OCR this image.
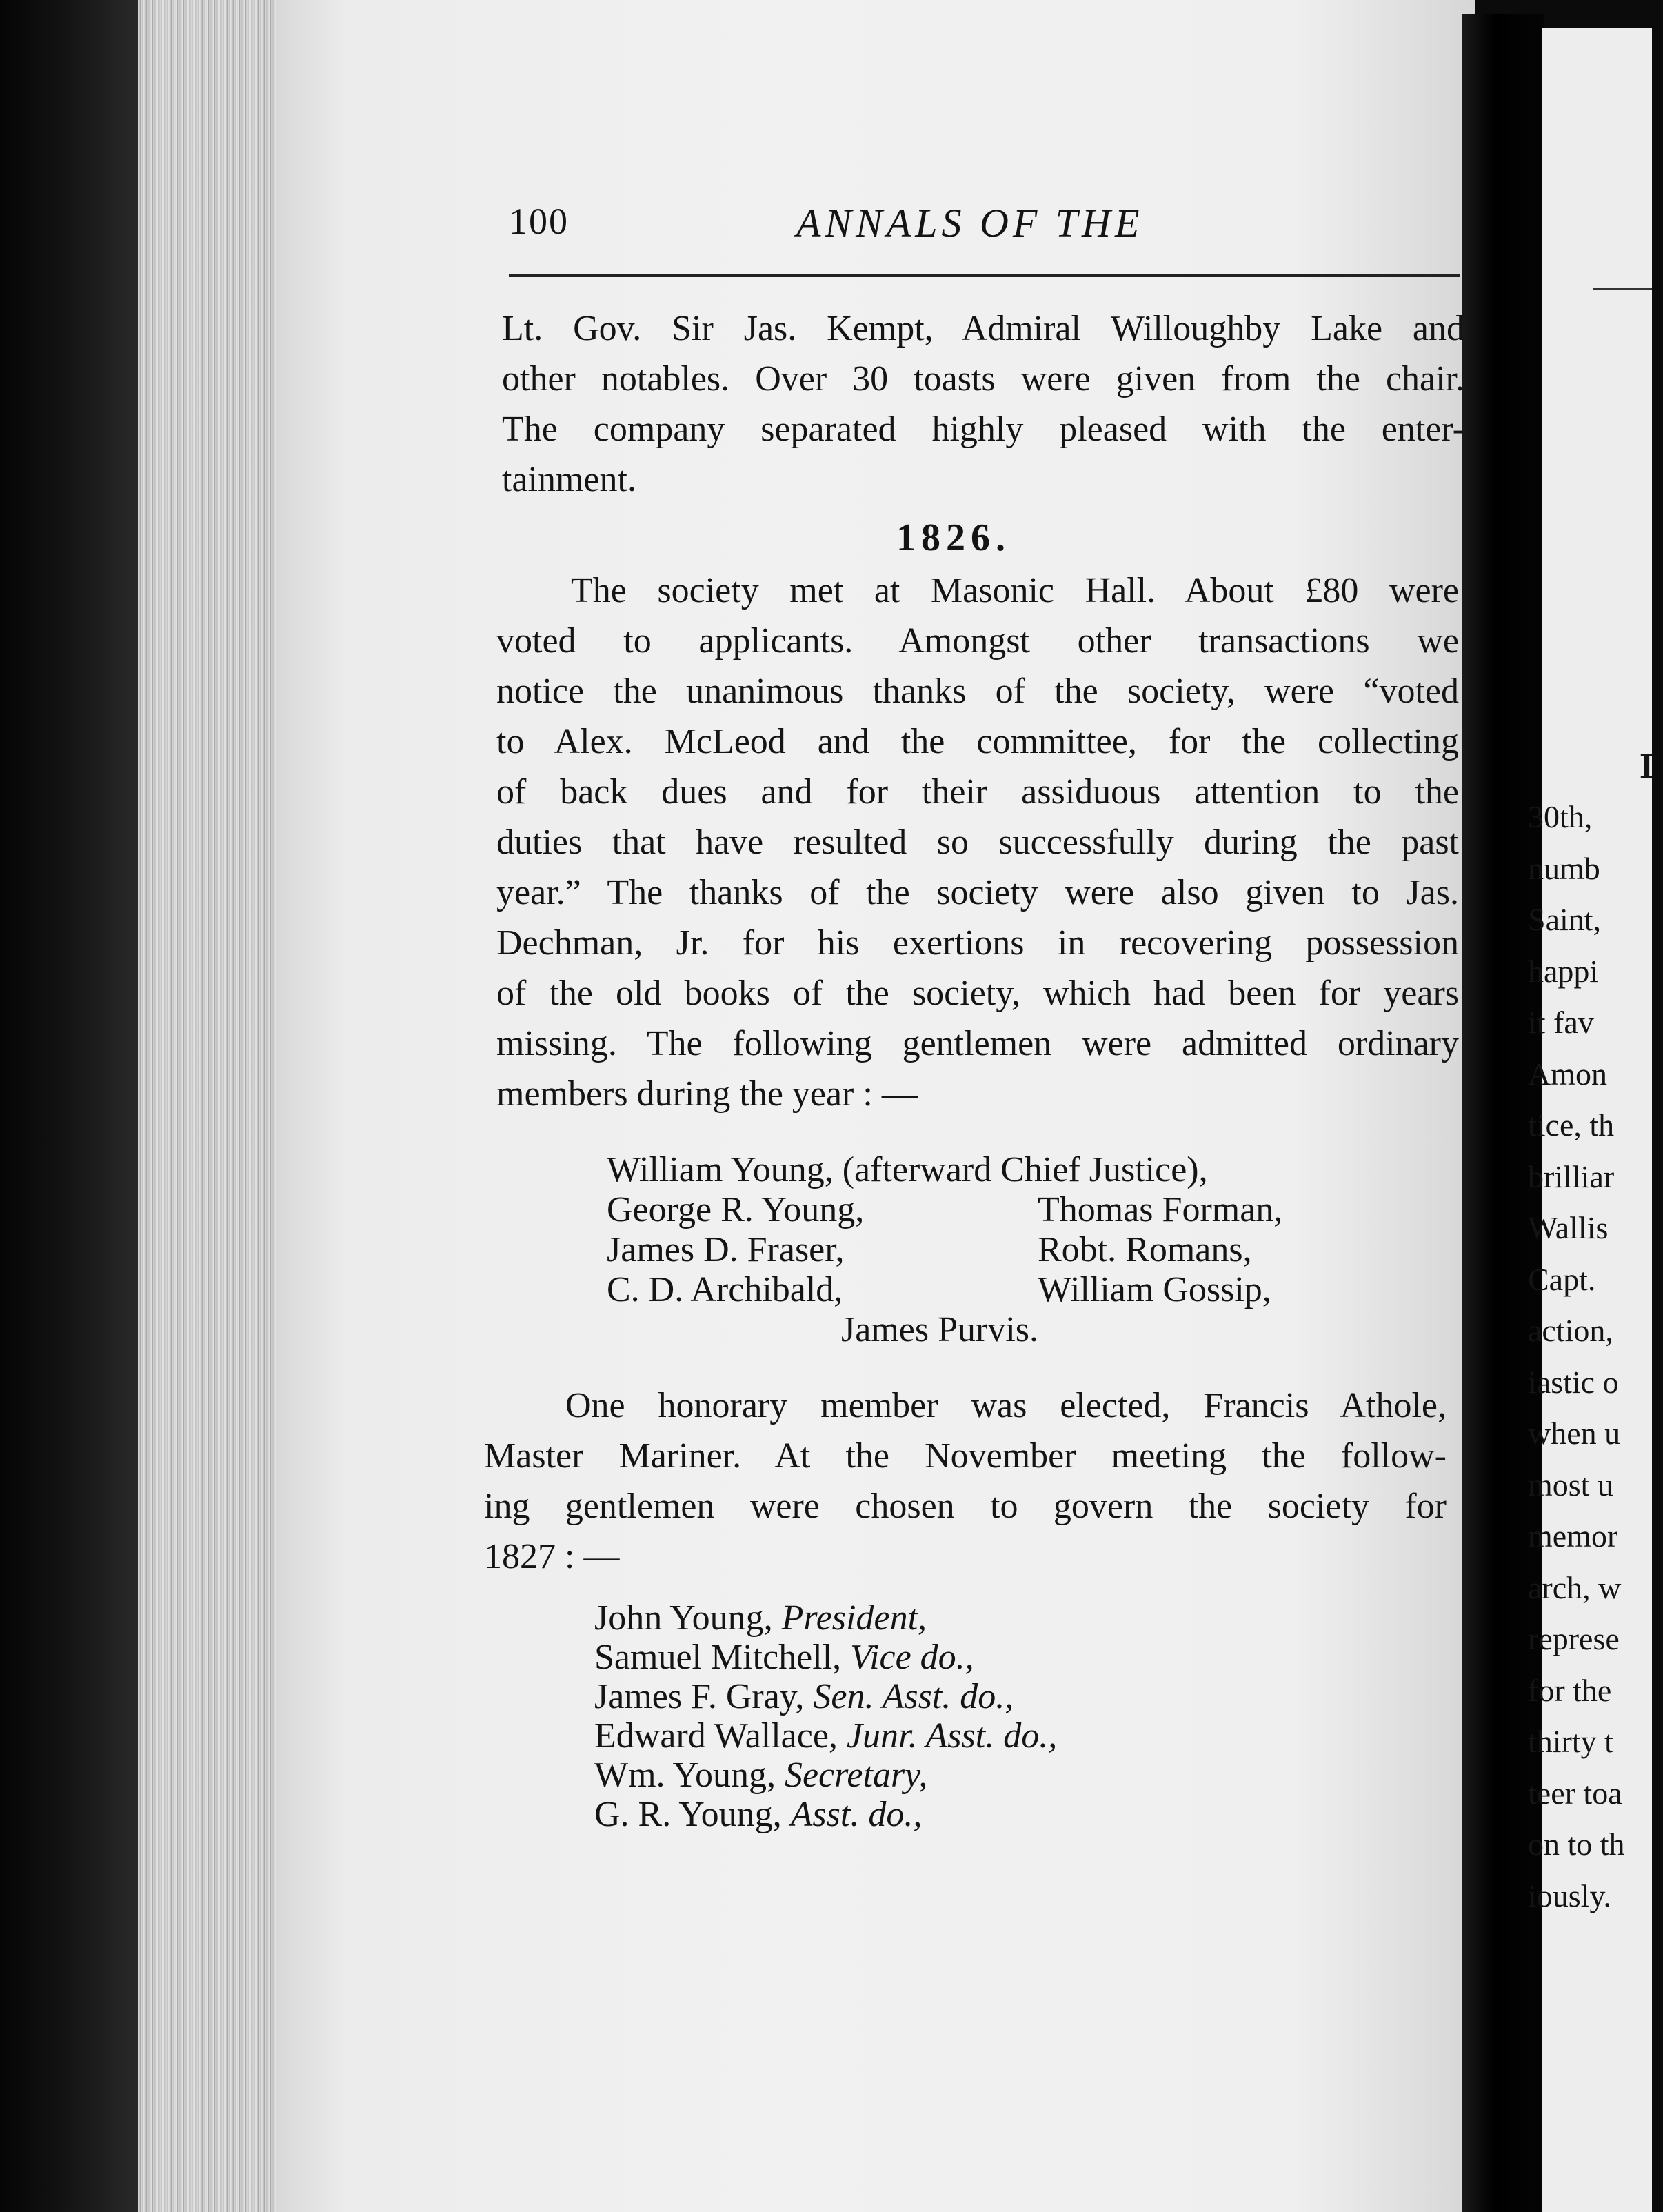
100	ANNALS OF THE
Lt. Gov. Sir Jas. Kempt, Admiral Willoughby Lake and
other notables. Over 30 toasts were given from the chair.
The company separated highly pleased with the enter-
tainment.
1826.
The society met at Masonic Hall. About £80 were
voted to applicants. Amongst other transactions we
notice the unanimous thanks of the society, were “voted
to Alex. McLeod and the committee, for the collecting
of back dues and for their assiduous attention to the
duties that have resulted so successfully during the past
year.” The thanks of the society were also given to Jas.
Dechman, Jr. for his exertions in recovering possession
of the old books of the society, which had been for years
missing. The following gentlemen were admitted ordinary
members during the year : —
William Young, (afterward Chief Justice),
George R. Young,	Thomas Forman,
James D. Fraser,	Robt. Romans,
C. D. Archibald,	William Gossip,
James Purvis.
One honorary member was elected, Francis Athole,
Master Mariner. At the November meeting the follow-
ing gentlemen were chosen to govern the society for
1827 : —
John Young, President,
Samuel Mitchell, Vice do.,
James F. Gray, Sen. Asst. do.,
Edward Wallace, Junr. Asst. do.,
Wm. Young, Secretary,
G. R. Young, Asst. do.,
I
30th,
numb
Saint,
happi
it fav
Amon
tice, th
brilliar
Wallis
Capt.
action,
iastic o
when u
most u
memor
arch, w
represe
for the
thirty t
teer toa
on to th
iously.
